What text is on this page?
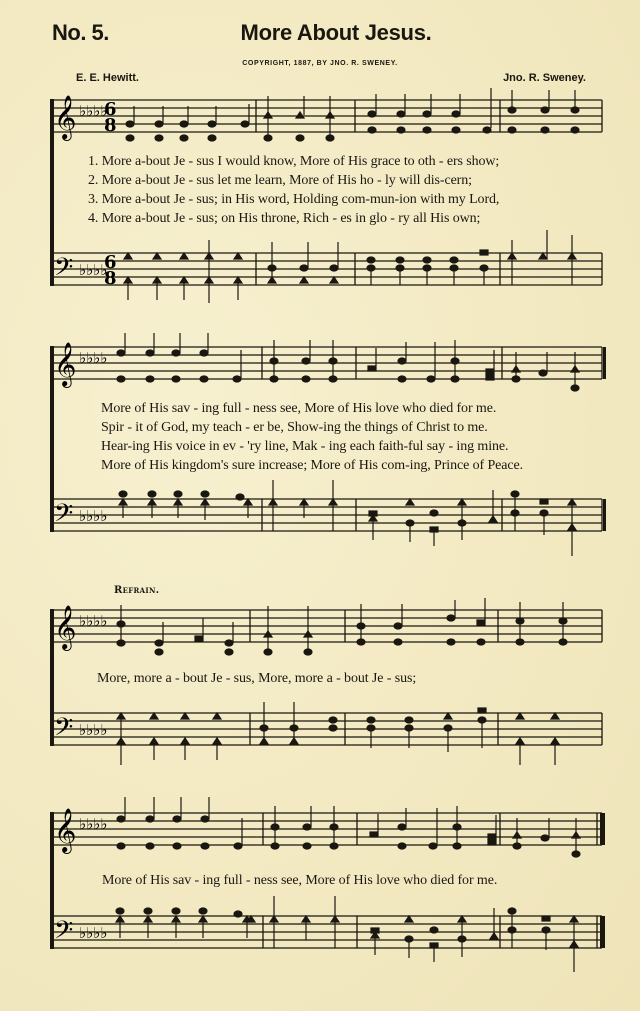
No. 5.	More About Jesus.
COPYRIGHT, 1887, BY JNO. R. SWENEY.
E. E. Hewitt.	Jno. R. Sweney.
𝄞 ♭♭♭♭
6
8
𝄢 ♭♭♭♭
6
8
𝄞 ♭♭♭♭
𝄢 ♭♭♭♭
𝄞 ♭♭♭♭
𝄢 ♭♭♭♭
𝄞 ♭♭♭♭
𝄢 ♭♭♭♭
1. More a-bout Je - sus I would know, More of His grace to oth - ers show;
2. More a-bout Je - sus let me learn, More of His ho - ly will dis-cern;
3. More a-bout Je - sus; in His word, Holding com-mun-ion with my Lord,
4. More a-bout Je - sus; on His throne, Rich - es in glo - ry all His own;
More of His sav - ing full - ness see, More of His love who died for me.
Spir - it of God, my teach - er be, Show-ing the things of Christ to me.
Hear-ing His voice in ev - 'ry line, Mak - ing each faith-ful say - ing mine.
More of His kingdom's sure increase; More of His com-ing, Prince of Peace.
Refrain.
More, more a - bout Je - sus, More, more a - bout Je - sus;
More of His sav - ing full - ness see, More of His love who died for me.
